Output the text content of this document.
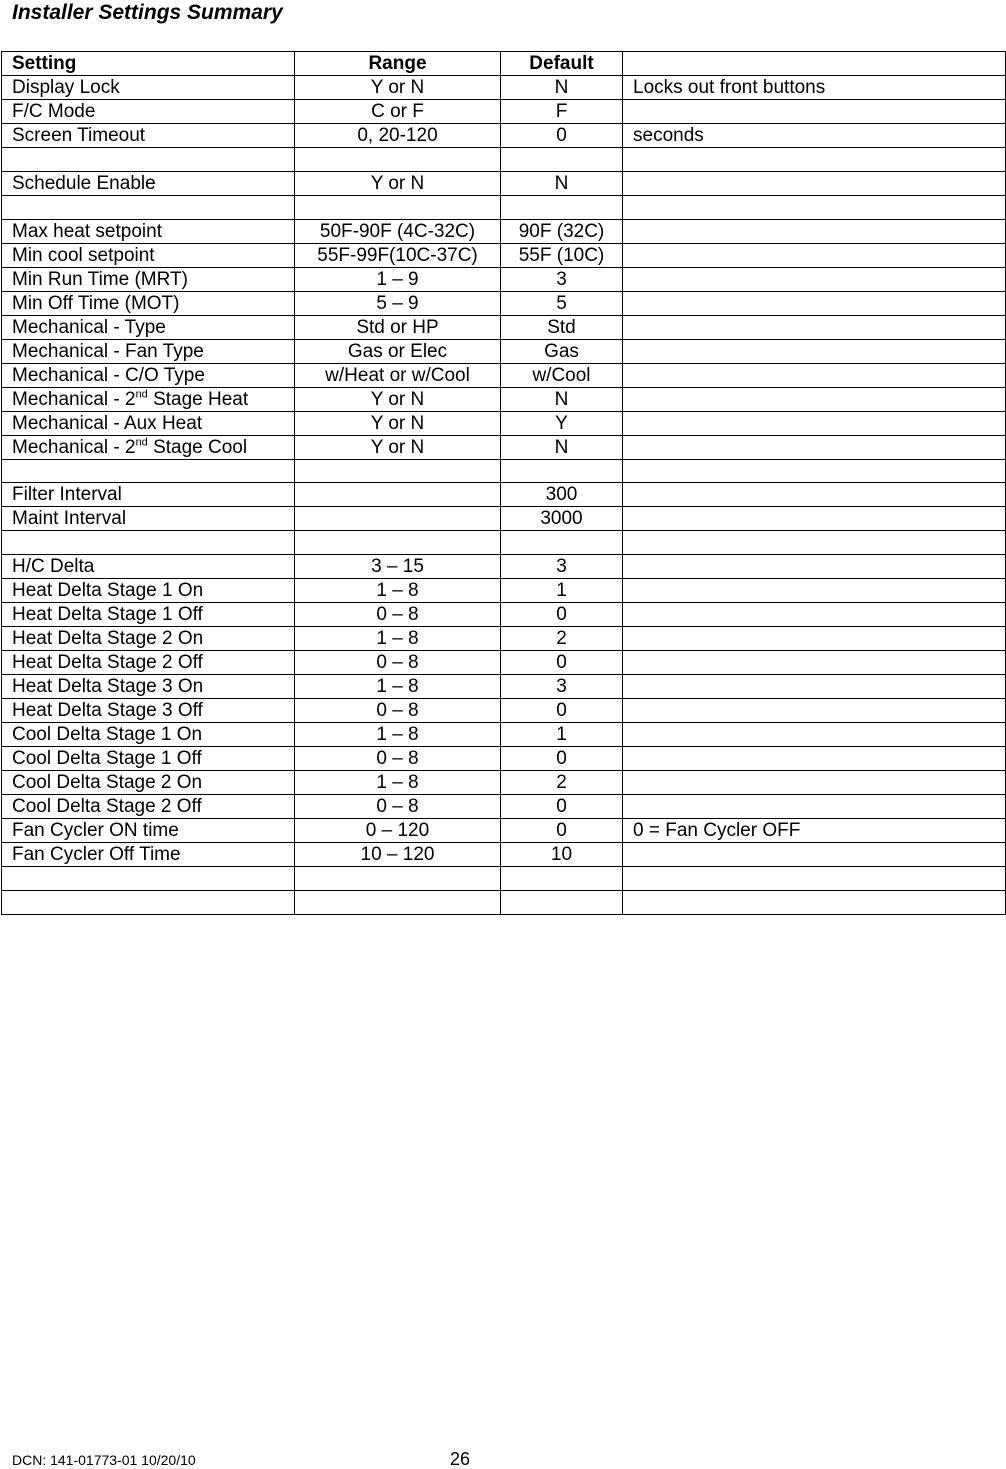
Installer Settings Summary
Setting	Range	Default	
Display Lock	Y or N	N	Locks out front buttons
F/C Mode	C or F	F	
Screen Timeout	0, 20-120	0	seconds

Schedule Enable	Y or N	N	

Max heat setpoint	50F-90F (4C-32C)	90F (32C)	
Min cool setpoint	55F-99F(10C-37C)	55F (10C)	
Min Run Time (MRT)	1 – 9	3	
Min Off Time (MOT)	5 – 9	5	
Mechanical - Type	Std or HP	Std	
Mechanical - Fan Type	Gas or Elec	Gas	
Mechanical - C/O Type	w/Heat or w/Cool	w/Cool	
Mechanical - 2nd Stage Heat	Y or N	N	
Mechanical - Aux Heat	Y or N	Y	
Mechanical - 2nd Stage Cool	Y or N	N	

Filter Interval		300	
Maint Interval		3000	

H/C Delta	3 – 15	3	
Heat Delta Stage 1 On	1 – 8	1	
Heat Delta Stage 1 Off	0 – 8	0	
Heat Delta Stage 2 On	1 – 8	2	
Heat Delta Stage 2 Off	0 – 8	0	
Heat Delta Stage 3 On	1 – 8	3	
Heat Delta Stage 3 Off	0 – 8	0	
Cool Delta Stage 1 On	1 – 8	1	
Cool Delta Stage 1 Off	0 – 8	0	
Cool Delta Stage 2 On	1 – 8	2	
Cool Delta Stage 2 Off	0 – 8	0	
Fan Cycler ON time	0 – 120	0	0 = Fan Cycler OFF
Fan Cycler Off Time	10 – 120	10	

DCN: 141-01773-01 10/20/10	26
